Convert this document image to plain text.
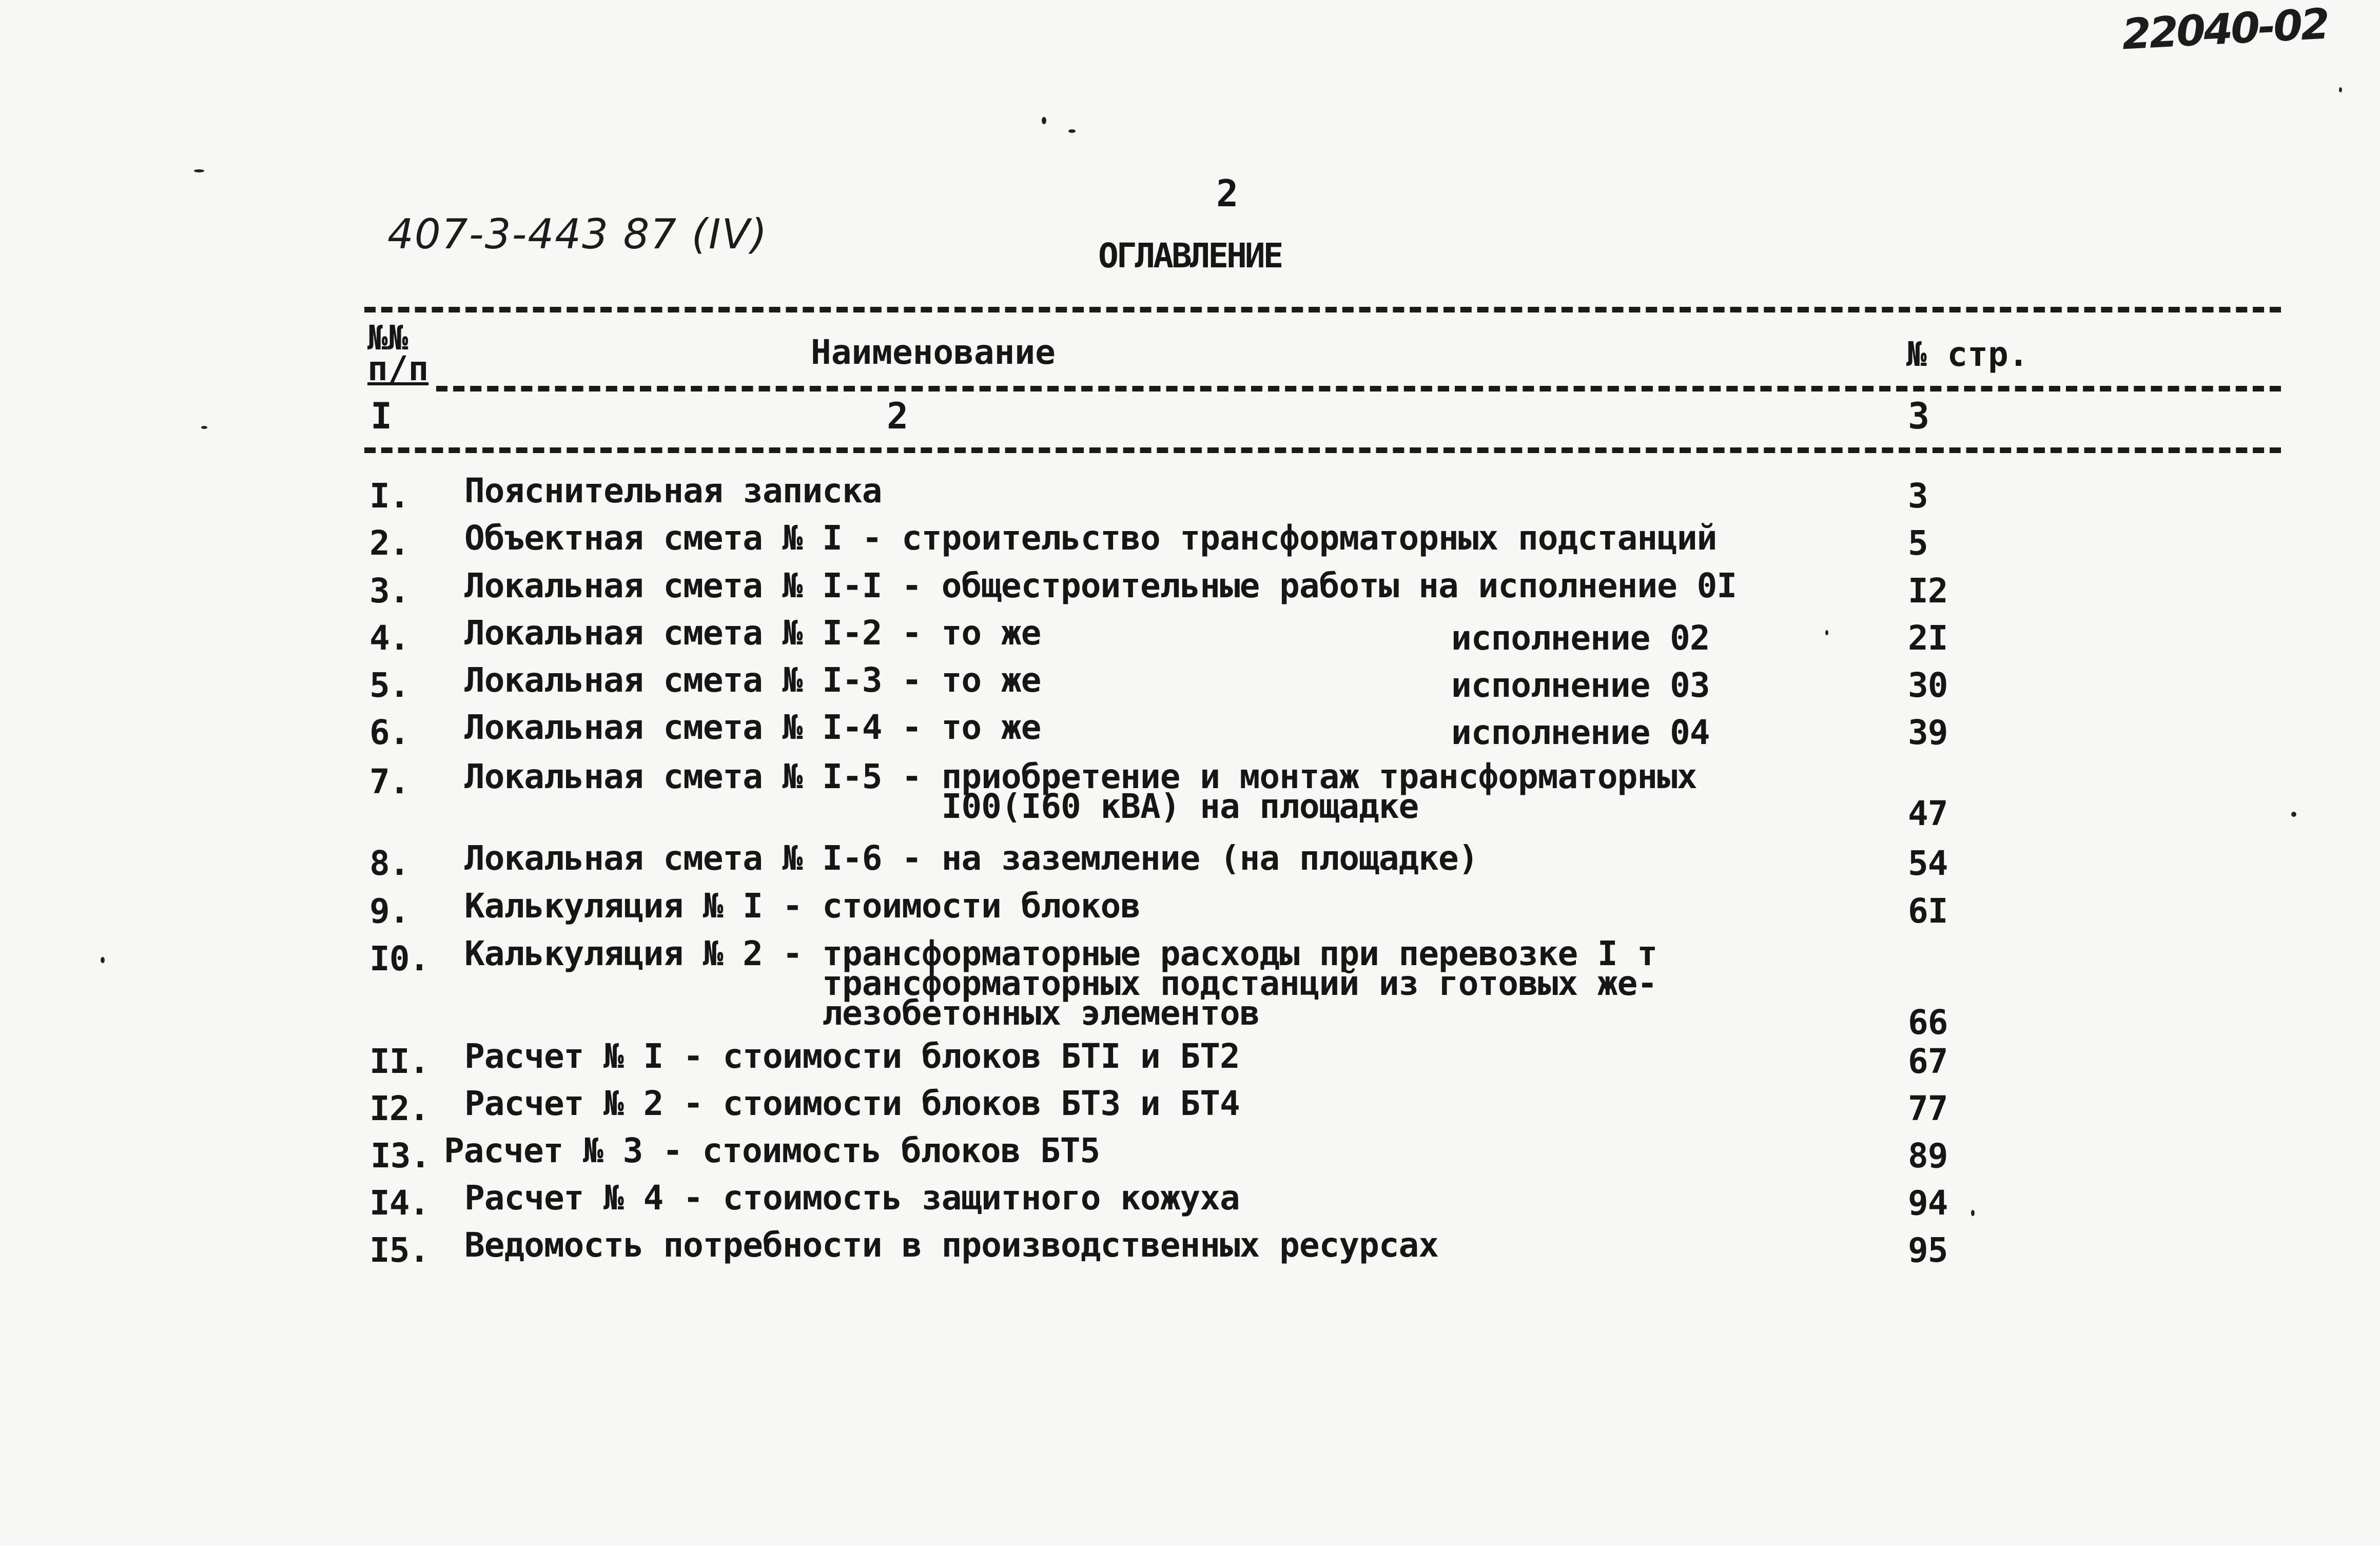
22040-02
407-3-443 87 (IV)
2
ОГЛАВЛЕНИЕ
№№
п/п	Наименование	№ стр.
I	2	3
I. Пояснительная записка	3
2. Объектная смета № I - строительство трансформаторных подстанций	5
3. Локальная смета № I-I - общестроительные работы на исполнение 0I	I2
4. Локальная смета № I-2 - то же	исполнение 02	2I
5. Локальная смета № I-3 - то же	исполнение 03	30
6. Локальная смета № I-4 - то же	исполнение 04	39
7. Локальная смета № I-5 - приобретение и монтаж трансформаторных
I00(I60 кВА) на площадке	47
8. Локальная смета № I-6 - на заземление (на площадке)	54
9. Калькуляция № I - стоимости блоков	6I
I0. Калькуляция № 2 - трансформаторные расходы при перевозке I т
трансформаторных подстанций из готовых же-
лезобетонных элементов	66
II. Расчет № I - стоимости блоков БТI и БТ2	67
I2. Расчет № 2 - стоимости блоков БТ3 и БТ4	77
I3. Расчет № 3 - стоимость блоков БТ5	89
I4. Расчет № 4 - стоимость защитного кожуха	94
I5. Ведомость потребности в производственных ресурсах	95
